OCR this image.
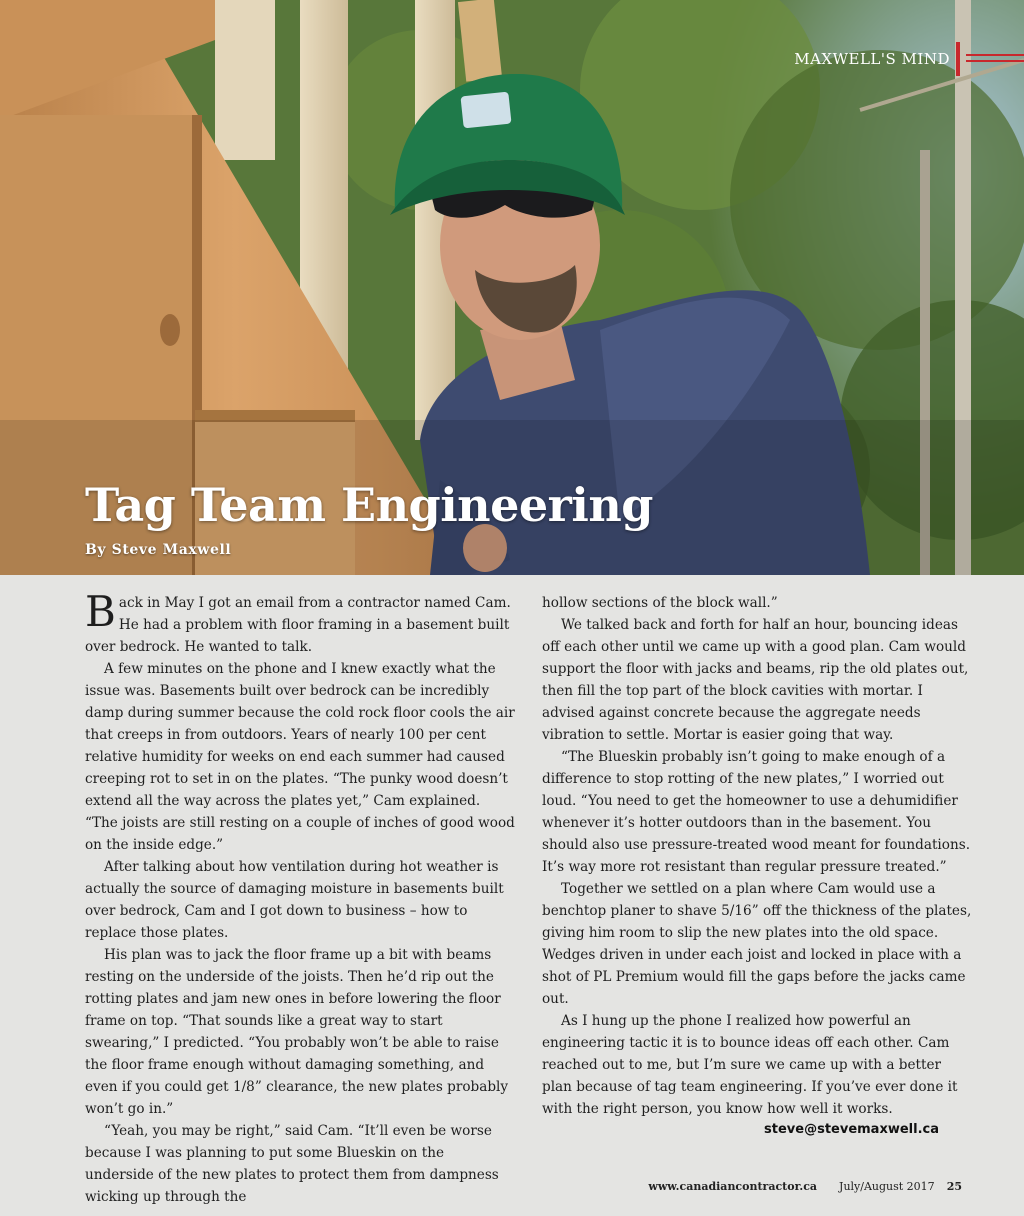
MAXWELL'S MIND
Tag Team Engineering
By Steve Maxwell

Back in May I got an email from a contractor named Cam. He had a problem with floor framing in a basement built over bedrock. He wanted to talk.

A few minutes on the phone and I knew exactly what the issue was. Basements built over bedrock can be incredibly damp during summer because the cold rock floor cools the air that creeps in from outdoors. Years of nearly 100 per cent relative humidity for weeks on end each summer had caused creeping rot to set in on the plates. “The punky wood doesn’t extend all the way across the plates yet,” Cam explained. “The joists are still resting on a couple of inches of good wood on the inside edge.”

After talking about how ventilation during hot weather is actually the source of damaging moisture in basements built over bedrock, Cam and I got down to business – how to replace those plates.

His plan was to jack the floor frame up a bit with beams resting on the underside of the joists. Then he’d rip out the rotting plates and jam new ones in before lowering the floor frame on top. “That sounds like a great way to start swearing,” I predicted. “You probably won’t be able to raise the floor frame enough without damaging something, and even if you could get 1/8” clearance, the new plates probably won’t go in.”

“Yeah, you may be right,” said Cam. “It’ll even be worse because I was planning to put some Blueskin on the underside of the new plates to protect them from dampness wicking up through the

hollow sections of the block wall.”

We talked back and forth for half an hour, bouncing ideas off each other until we came up with a good plan. Cam would support the floor with jacks and beams, rip the old plates out, then fill the top part of the block cavities with mortar. I advised against concrete because the aggregate needs vibration to settle. Mortar is easier going that way.

“The Blueskin probably isn’t going to make enough of a difference to stop rotting of the new plates,” I worried out loud. “You need to get the homeowner to use a dehumidifier whenever it’s hotter outdoors than in the basement. You should also use pressure-treated wood meant for foundations. It’s way more rot resistant than regular pressure treated.”

Together we settled on a plan where Cam would use a benchtop planer to shave 5/16” off the thickness of the plates, giving him room to slip the new plates into the old space. Wedges driven in under each joist and locked in place with a shot of PL Premium would fill the gaps before the jacks came out.

As I hung up the phone I realized how powerful an engineering tactic it is to bounce ideas off each other. Cam reached out to me, but I’m sure we came up with a better plan because of tag team engineering. If you’ve ever done it with the right person, you know how well it works.

steve@stevemaxwell.ca
www.canadiancontractor.ca July/August 2017 25
